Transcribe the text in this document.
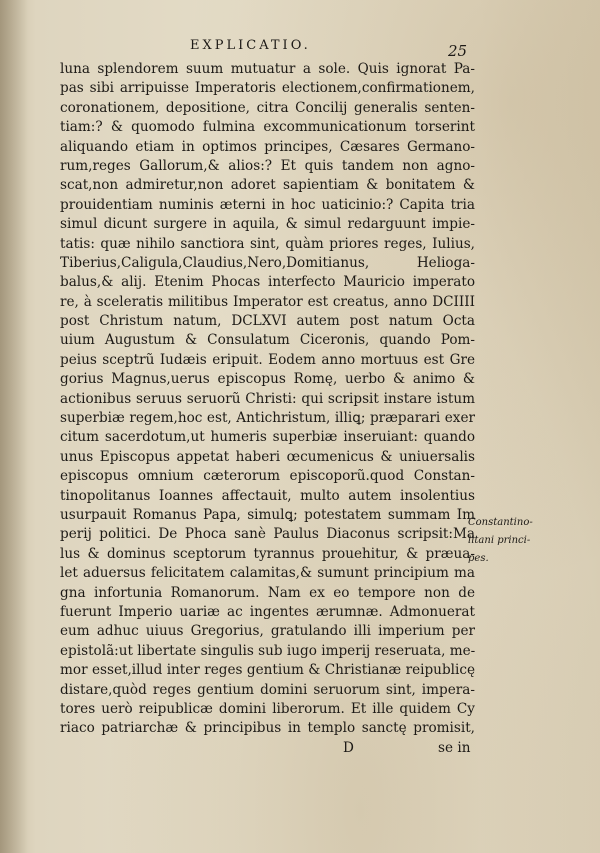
EXPLICATIO.	25
luna splendorem suum mutuatur a sole. Quis ignorat Pa-
pas sibi arripuisse Imperatoris electionem,confirmationem,
coronationem, depositione, citra Concilij generalis senten-
tiam:? & quomodo fulmina excommunicationum torserint
aliquando etiam in optimos principes, Cæsares Germano-
rum,reges Gallorum,& alios:? Et quis tandem non agno-
scat,non admiretur,non adoret sapientiam & bonitatem &
prouidentiam numinis æterni in hoc uaticinio:? Capita tria
simul dicunt surgere in aquila, & simul redarguunt impie-
tatis: quæ nihilo sanctiora sint, quàm priores reges, Iulius,
Tiberius,Caligula,Claudius,Nero,Domitianus, Helioga-
balus,& alij. Etenim Phocas interfecto Mauricio imperato
re, à sceleratis militibus Imperator est creatus, anno DCIIII
post Christum natum, DCLXVI autem post natum Octa
uium Augustum & Consulatum Ciceronis, quando Pom-
peius sceptrũ Iudæis eripuit. Eodem anno mortuus est Gre
gorius Magnus,uerus episcopus Romę, uerbo & animo &
actionibus seruus seruorũ Christi: qui scripsit instare istum
superbiæ regem,hoc est, Antichristum, illiꝗ; præparari exer
citum sacerdotum,ut humeris superbiæ inseruiant: quando
unus Episcopus appetat haberi œcumenicus & uniuersalis
episcopus omnium cæterorum episcoporũ.quod Constan-
tinopolitanus Ioannes affectauit, multo autem insolentius
usurpauit Romanus Papa, simulꝗ; potestatem summam Im
perij politici. De Phoca sanè Paulus Diaconus scripsit:Ma
lus & dominus sceptorum tyrannus prouehitur, & præua-
let aduersus felicitatem calamitas,& sumunt principium ma
gna infortunia Romanorum. Nam ex eo tempore non de
fuerunt Imperio uariæ ac ingentes ærumnæ. Admonuerat
eum adhuc uiuus Gregorius, gratulando illi imperium per
epistolã:ut libertate singulis sub iugo imperij reseruata, me-
mor esset,illud inter reges gentium & Christianæ reipublicę
distare,quòd reges gentium domini seruorum sint, impera-
tores uerò reipublicæ domini liberorum. Et ille quidem Cy
riaco patriarchæ & principibus in templo sanctę promisit,
Constantino-
litani princi-
pes.
D	se in
